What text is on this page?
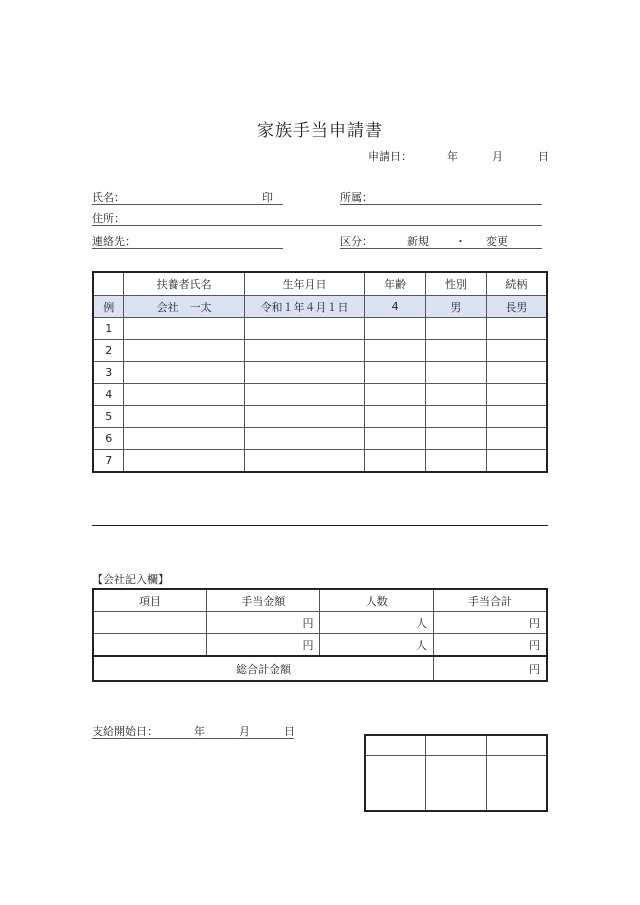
家族手当申請書
申請日：	年	月	日
氏名：	印	所属：
住所：
連絡先：	区分：	新規 ・ 変更
	扶養者氏名	生年月日	年齢	性別	続柄
例	会社　一太	令和１年４月１日	4	男	長男
1					
2					
3					
4					
5					
6					
7					
【会社記入欄】
項目	手当金額	人数	手当合計
	円	人	円
	円	人	円
総合計金額			円
支給開始日：	年	月	日
